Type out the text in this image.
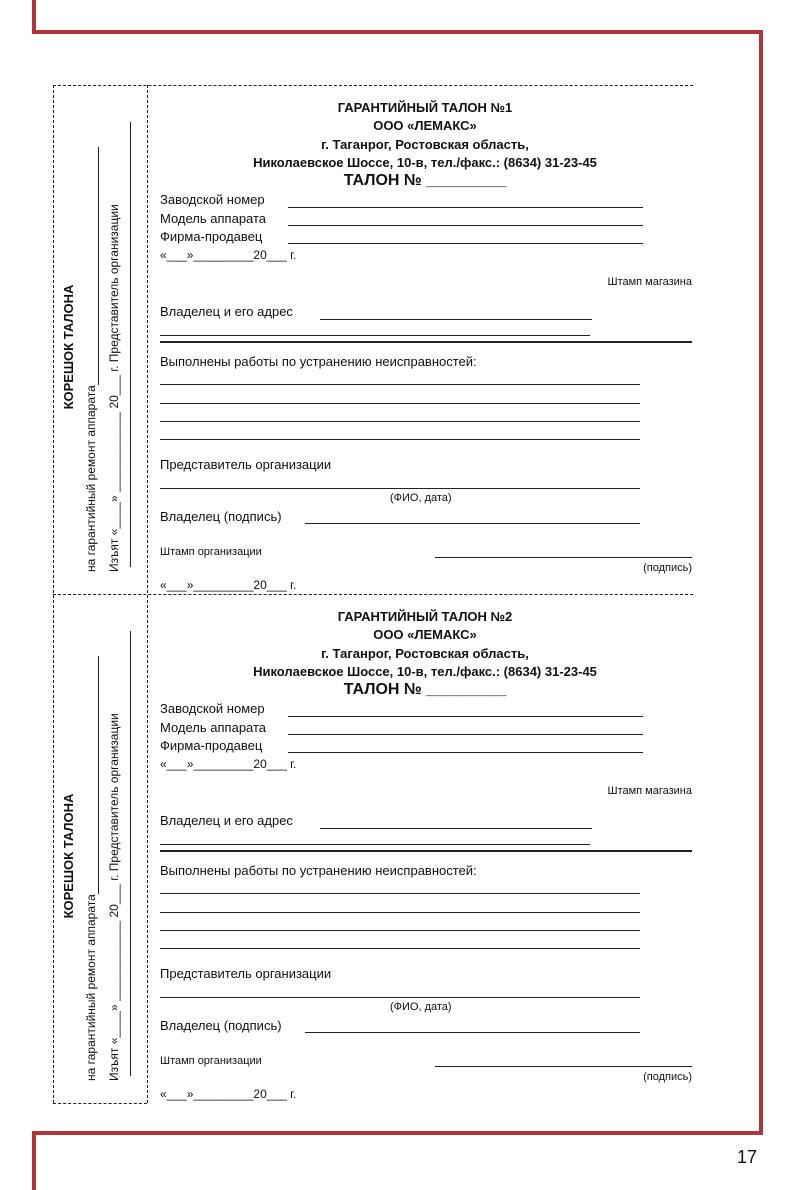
КОРЕШОК ТАЛОНА
на гарантийный ремонт аппарата Изъят «____» ____________ 20___ г. Представитель организации
ГАРАНТИЙНЫЙ ТАЛОН №1
ООО «ЛЕМАКС»
г. Таганрог, Ростовская область,
Николаевское Шоссе, 10-в, тел./факс.: (8634) 31-23-45
ТАЛОН № _________
Заводской номер
Модель аппарата
Фирма-продавец
«___»_________20___ г.
Штамп магазина
Владелец и его адрес
Выполнены работы по устранению неисправностей:
Представитель организации
(ФИО, дата)
Владелец (подпись)
Штамп организации
(подпись)
«___»_________20___ г.
КОРЕШОК ТАЛОНА
на гарантийный ремонт аппарата Изъят «____» ____________ 20___ г. Представитель организации
ГАРАНТИЙНЫЙ ТАЛОН №2
ООО «ЛЕМАКС»
г. Таганрог, Ростовская область,
Николаевское Шоссе, 10-в, тел./факс.: (8634) 31-23-45
ТАЛОН № _________
Заводской номер
Модель аппарата
Фирма-продавец
«___»_________20___ г.
Штамп магазина
Владелец и его адрес
Выполнены работы по устранению неисправностей:
Представитель организации
(ФИО, дата)
Владелец (подпись)
Штамп организации
(подпись)
«___»_________20___ г.
17
